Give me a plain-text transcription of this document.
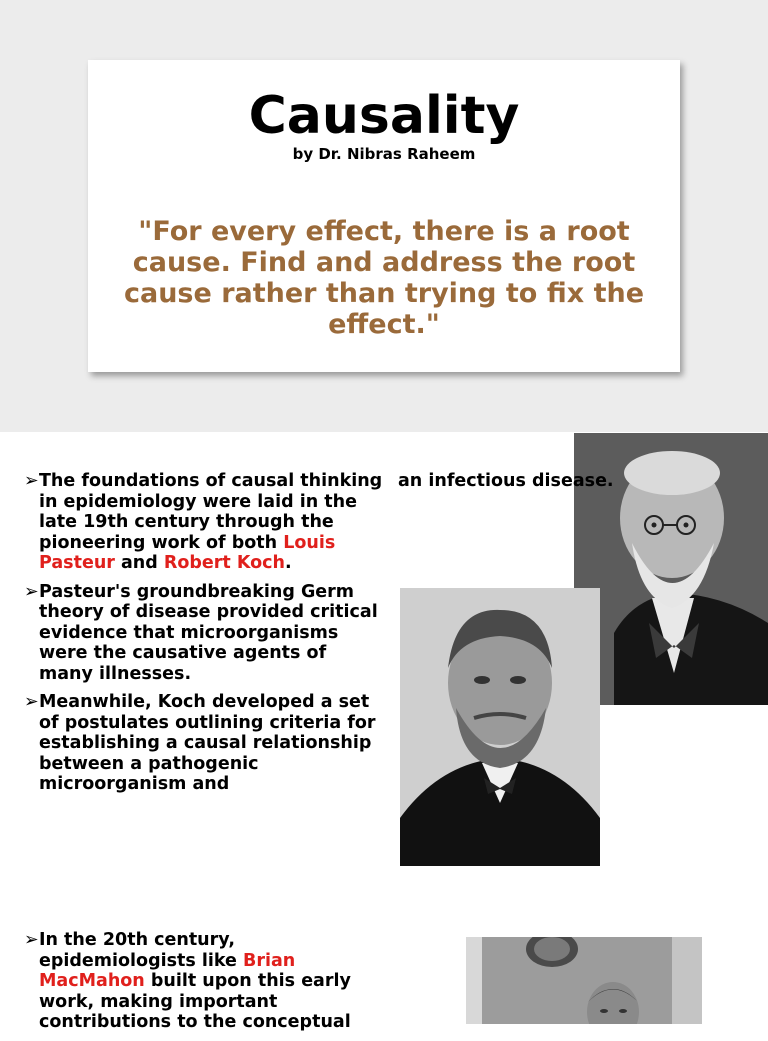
Causality
by Dr. Nibras Raheem
"For every effect, there is a root cause. Find and address the root cause rather than trying to fix the effect."
➢ The foundations of causal thinking in epidemiology were laid in the late 19th century through the pioneering work of both Louis Pasteur and Robert Koch.
➢ Pasteur's groundbreaking Germ theory of disease provided critical evidence that microorganisms were the causative agents of many illnesses.
➢ Meanwhile, Koch developed a set of postulates outlining criteria for establishing a causal relationship between a pathogenic microorganism and
an infectious disease.
➢ In the 20th century, epidemiologists like Brian MacMahon built upon this early work, making important contributions to the conceptual
